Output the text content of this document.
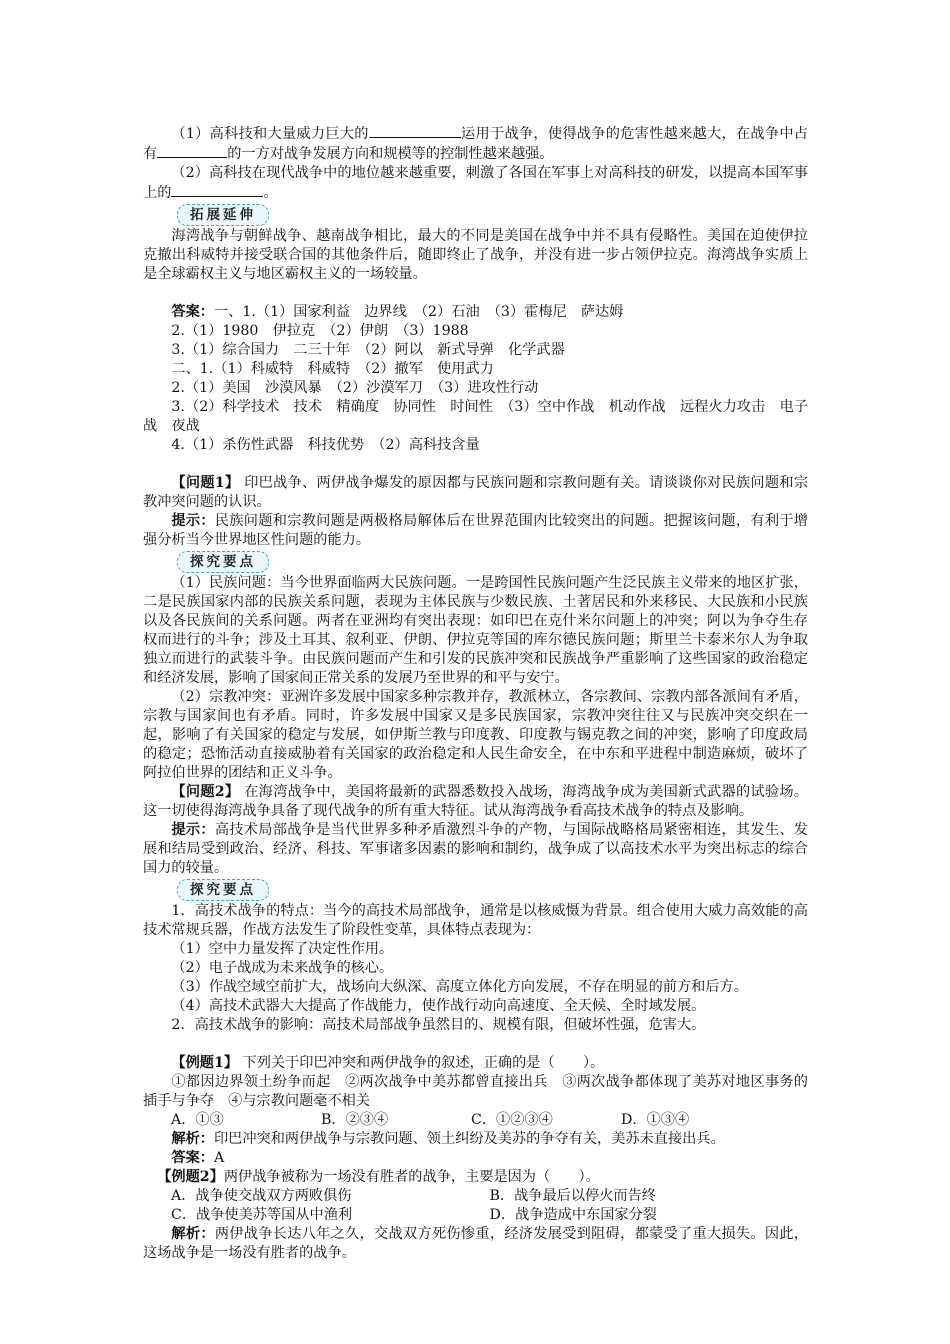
（1）高科技和大量威力巨大的	运用于战争，使得战争的危害性越来越大，在战争中占有	的一方对战争发展方向和规模等的控制性越来越强。

（2）高科技在现代战争中的地位越来越重要，刺激了各国在军事上对高科技的研发，以提高本国军事上的	。

拓展延伸

海湾战争与朝鲜战争、越南战争相比，最大的不同是美国在战争中并不具有侵略性。美国在迫使伊拉克撤出科威特并接受联合国的其他条件后，随即终止了战争，并没有进一步占领伊拉克。海湾战争实质上是全球霸权主义与地区霸权主义的一场较量。

答案：一、1.（1）国家利益　边界线　（2）石油　（3）霍梅尼　萨达姆

2.（1）1980　伊拉克　（2）伊朗　（3）1988

3.（1）综合国力　二三十年　（2）阿以　新式导弹　化学武器

二、1.（1）科威特　科威特　（2）撤军　使用武力

2.（1）美国　沙漠风暴　（2）沙漠军刀　（3）进攻性行动

3.（2）科学技术　技术　精确度　协同性　时间性　（3）空中作战　机动作战　远程火力攻击　电子战　夜战

4.（1）杀伤性武器　科技优势　（2）高科技含量

【问题1】 印巴战争、两伊战争爆发的原因都与民族问题和宗教问题有关。请谈谈你对民族问题和宗教冲突问题的认识。

提示：民族问题和宗教问题是两极格局解体后在世界范围内比较突出的问题。把握该问题，有利于增强分析当今世界地区性问题的能力。

探究要点

（1）民族问题：当今世界面临两大民族问题。一是跨国性民族问题产生泛民族主义带来的地区扩张，二是民族国家内部的民族关系问题，表现为主体民族与少数民族、土著居民和外来移民、大民族和小民族以及各民族间的关系问题。两者在亚洲均有突出表现：如印巴在克什米尔问题上的冲突；阿以为争夺生存权而进行的斗争；涉及土耳其、叙利亚、伊朗、伊拉克等国的库尔德民族问题；斯里兰卡泰米尔人为争取独立而进行的武装斗争。由民族问题而产生和引发的民族冲突和民族战争严重影响了这些国家的政治稳定和经济发展，影响了国家间正常关系的发展乃至世界的和平与安宁。

（2）宗教冲突：亚洲许多发展中国家多种宗教并存，教派林立，各宗教间、宗教内部各派间有矛盾，宗教与国家间也有矛盾。同时，许多发展中国家又是多民族国家，宗教冲突往往又与民族冲突交织在一起，影响了有关国家的稳定与发展，如伊斯兰教与印度教、印度教与锡克教之间的冲突，影响了印度政局的稳定；恐怖活动直接威胁着有关国家的政治稳定和人民生命安全，在中东和平进程中制造麻烦，破坏了阿拉伯世界的团结和正义斗争。

【问题2】 在海湾战争中，美国将最新的武器悉数投入战场，海湾战争成为美国新式武器的试验场。这一切使得海湾战争具备了现代战争的所有重大特征。试从海湾战争看高技术战争的特点及影响。

提示：高技术局部战争是当代世界多种矛盾激烈斗争的产物，与国际战略格局紧密相连，其发生、发展和结局受到政治、经济、科技、军事诸多因素的影响和制约，战争成了以高技术水平为突出标志的综合国力的较量。

探究要点

1．高技术战争的特点：当今的高技术局部战争，通常是以核威慑为背景。组合使用大威力高效能的高技术常规兵器，作战方法发生了阶段性变革，具体特点表现为：

（1）空中力量发挥了决定性作用。

（2）电子战成为未来战争的核心。

（3）作战空域空前扩大，战场向大纵深、高度立体化方向发展，不存在明显的前方和后方。

（4）高技术武器大大提高了作战能力，使作战行动向高速度、全天候、全时域发展。

2．高技术战争的影响：高技术局部战争虽然目的、规模有限，但破坏性强，危害大。

【例题1】 下列关于印巴冲突和两伊战争的叙述，正确的是（　　）。

①都因边界领土纷争而起　②两次战争中美苏都曾直接出兵　③两次战争都体现了美苏对地区事务的插手与争夺　④与宗教问题毫不相关

A．①③	B．②③④	C．①②③④	D．①③④

解析：印巴冲突和两伊战争与宗教问题、领土纠纷及美苏的争夺有关，美苏未直接出兵。

答案：A

【例题2】两伊战争被称为一场没有胜者的战争，主要是因为（　　）。

A．战争使交战双方两败俱伤	B．战争最后以停火而告终
C．战争使美苏等国从中渔利	D．战争造成中东国家分裂

解析：两伊战争长达八年之久，交战双方死伤惨重，经济发展受到阻碍，都蒙受了重大损失。因此，这场战争是一场没有胜者的战争。
